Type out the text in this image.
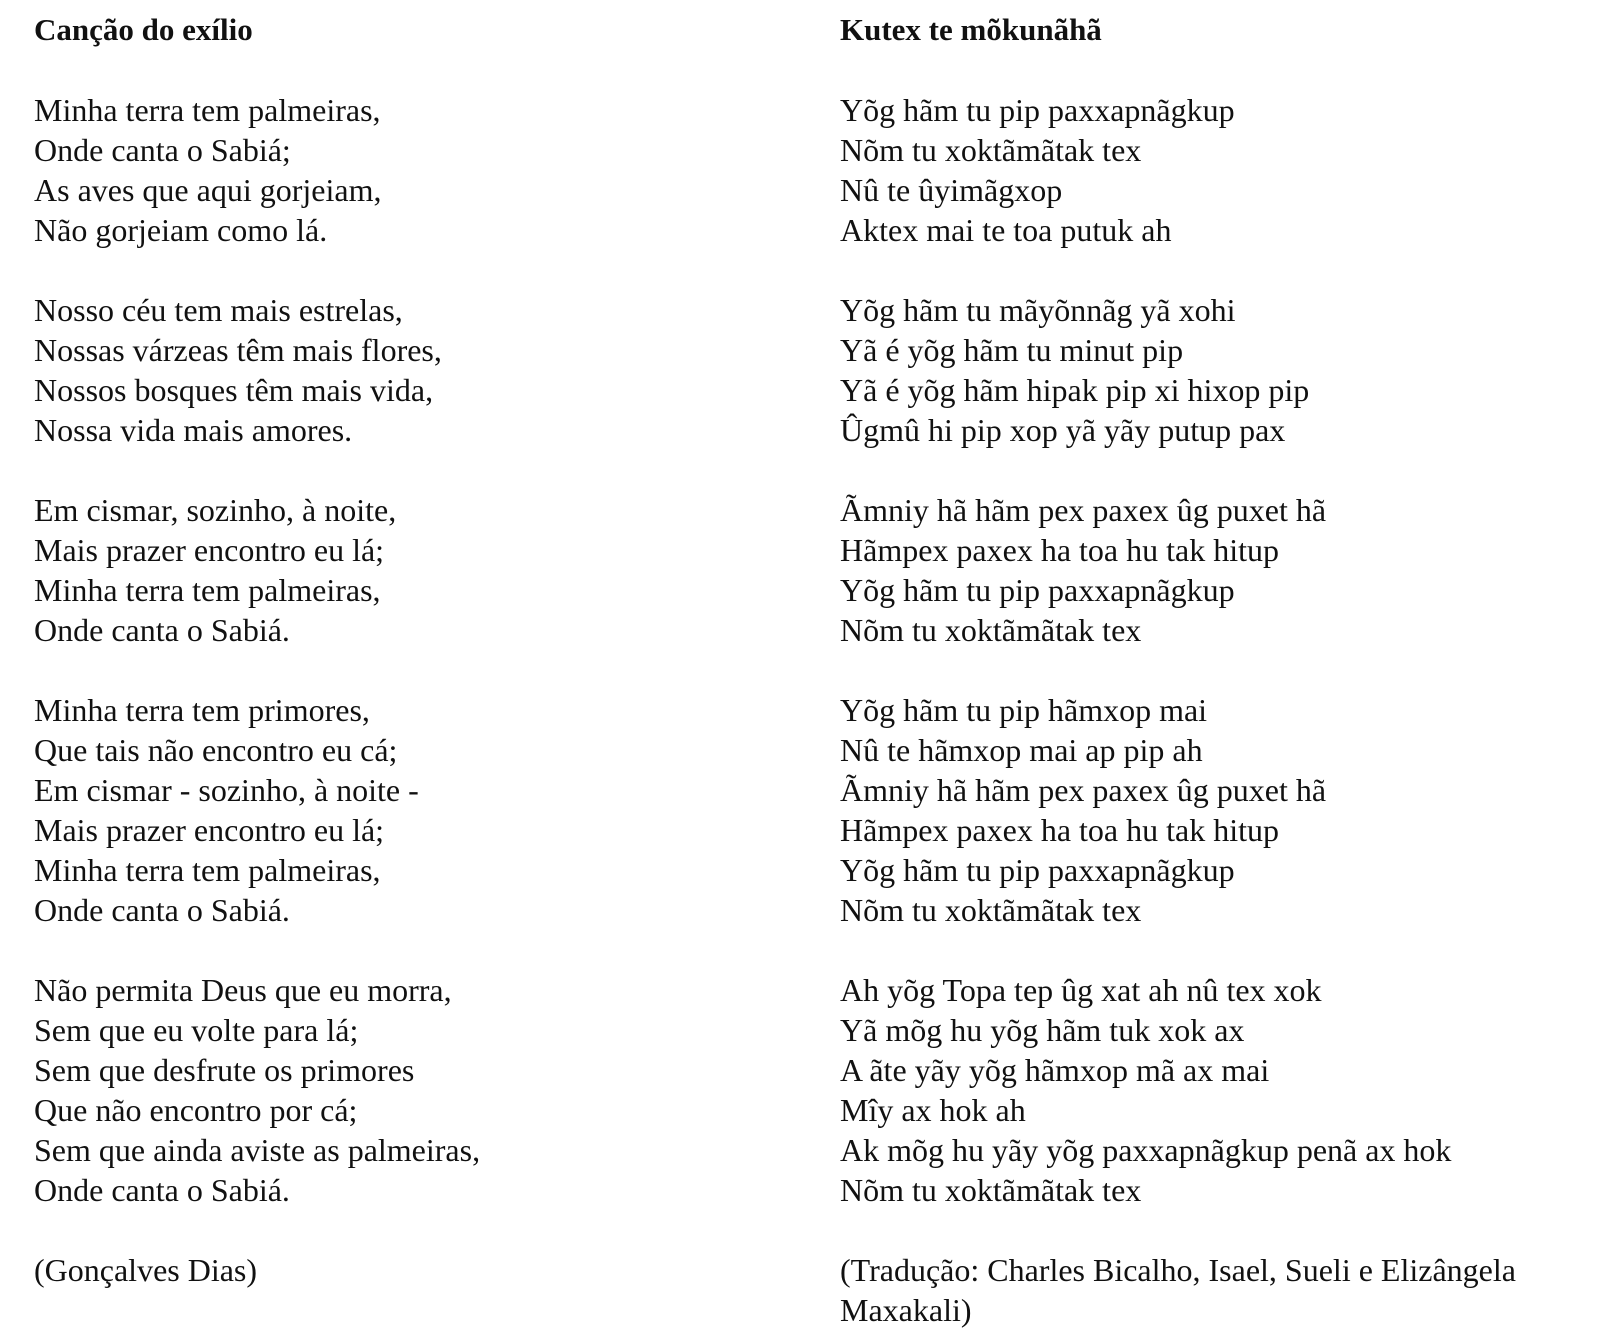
Canção do exílio
Minha terra tem palmeiras,
Onde canta o Sabiá;
As aves que aqui gorjeiam,
Não gorjeiam como lá.
Nosso céu tem mais estrelas,
Nossas várzeas têm mais flores,
Nossos bosques têm mais vida,
Nossa vida mais amores.
Em cismar, sozinho, à noite,
Mais prazer encontro eu lá;
Minha terra tem palmeiras,
Onde canta o Sabiá.
Minha terra tem primores,
Que tais não encontro eu cá;
Em cismar - sozinho, à noite -
Mais prazer encontro eu lá;
Minha terra tem palmeiras,
Onde canta o Sabiá.
Não permita Deus que eu morra,
Sem que eu volte para lá;
Sem que desfrute os primores
Que não encontro por cá;
Sem que ainda aviste as palmeiras,
Onde canta o Sabiá.
(Gonçalves Dias)
Kutex te mõkunãhã
Yõg hãm tu pip paxxapnãgkup
Nõm tu xoktãmãtak tex
Nû te ûyimãgxop
Aktex mai te toa putuk ah
Yõg hãm tu mãyõnnãg yã xohi
Yã é yõg hãm tu minut pip
Yã é yõg hãm hipak pip xi hixop pip
Ûgmû hi pip xop yã yãy putup pax
Ãmniy hã hãm pex paxex ûg puxet hã
Hãmpex paxex ha toa hu tak hitup
Yõg hãm tu pip paxxapnãgkup
Nõm tu xoktãmãtak tex
Yõg hãm tu pip hãmxop mai
Nû te hãmxop mai ap pip ah
Ãmniy hã hãm pex paxex ûg puxet hã
Hãmpex paxex ha toa hu tak hitup
Yõg hãm tu pip paxxapnãgkup
Nõm tu xoktãmãtak tex
Ah yõg Topa tep ûg xat ah nû tex xok
Yã mõg hu yõg hãm tuk xok ax
A ãte yãy yõg hãmxop mã ax mai
Mîy ax hok ah
Ak mõg hu yãy yõg paxxapnãgkup penã ax hok
Nõm tu xoktãmãtak tex
(Tradução: Charles Bicalho, Isael, Sueli e Elizângela
Maxakali)
